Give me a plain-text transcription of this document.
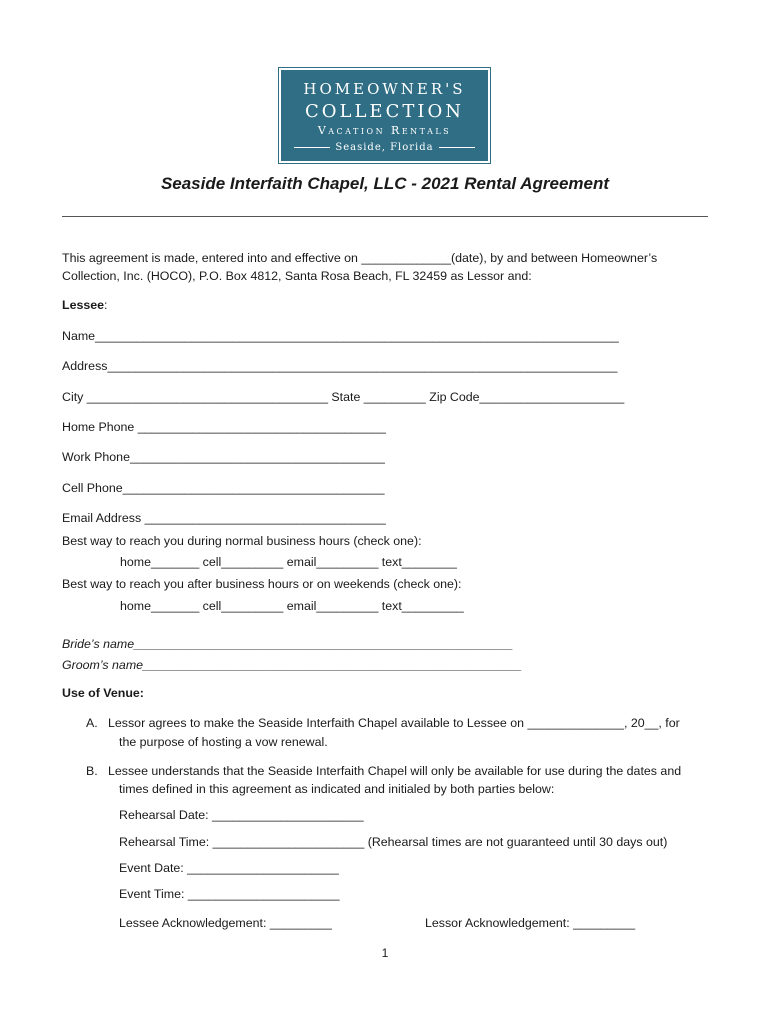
HOMEOWNER'S
COLLECTION
Vacation Rentals
Seaside, Florida
Seaside Interfaith Chapel, LLC - 2021 Rental Agreement
This agreement is made, entered into and effective on _____________(date), by and between Homeowner’s
Collection, Inc. (HOCO), P.O. Box 4812, Santa Rosa Beach, FL 32459 as Lessor and:
Lessee:
Name____________________________________________________________________________
Address__________________________________________________________________________
City ___________________________________ State _________ Zip Code_____________________
Home Phone ____________________________________
Work Phone_____________________________________
Cell Phone______________________________________
Email Address ___________________________________
Best way to reach you during normal business hours (check one):
home_______ cell_________ email_________ text________
Best way to reach you after business hours or on weekends (check one):
home_______ cell_________ email_________ text_________
Bride’s name_______________________________________________________
Groom’s name_______________________________________________________
Use of Venue:
A. Lessor agrees to make the Seaside Interfaith Chapel available to Lessee on ______________, 20__, for
the purpose of hosting a vow renewal.
B. Lessee understands that the Seaside Interfaith Chapel will only be available for use during the dates and
times defined in this agreement as indicated and initialed by both parties below:
Rehearsal Date: ______________________
Rehearsal Time: ______________________ (Rehearsal times are not guaranteed until 30 days out)
Event Date: ______________________
Event Time: ______________________
Lessee Acknowledgement: _________	Lessor Acknowledgement: _________
1
